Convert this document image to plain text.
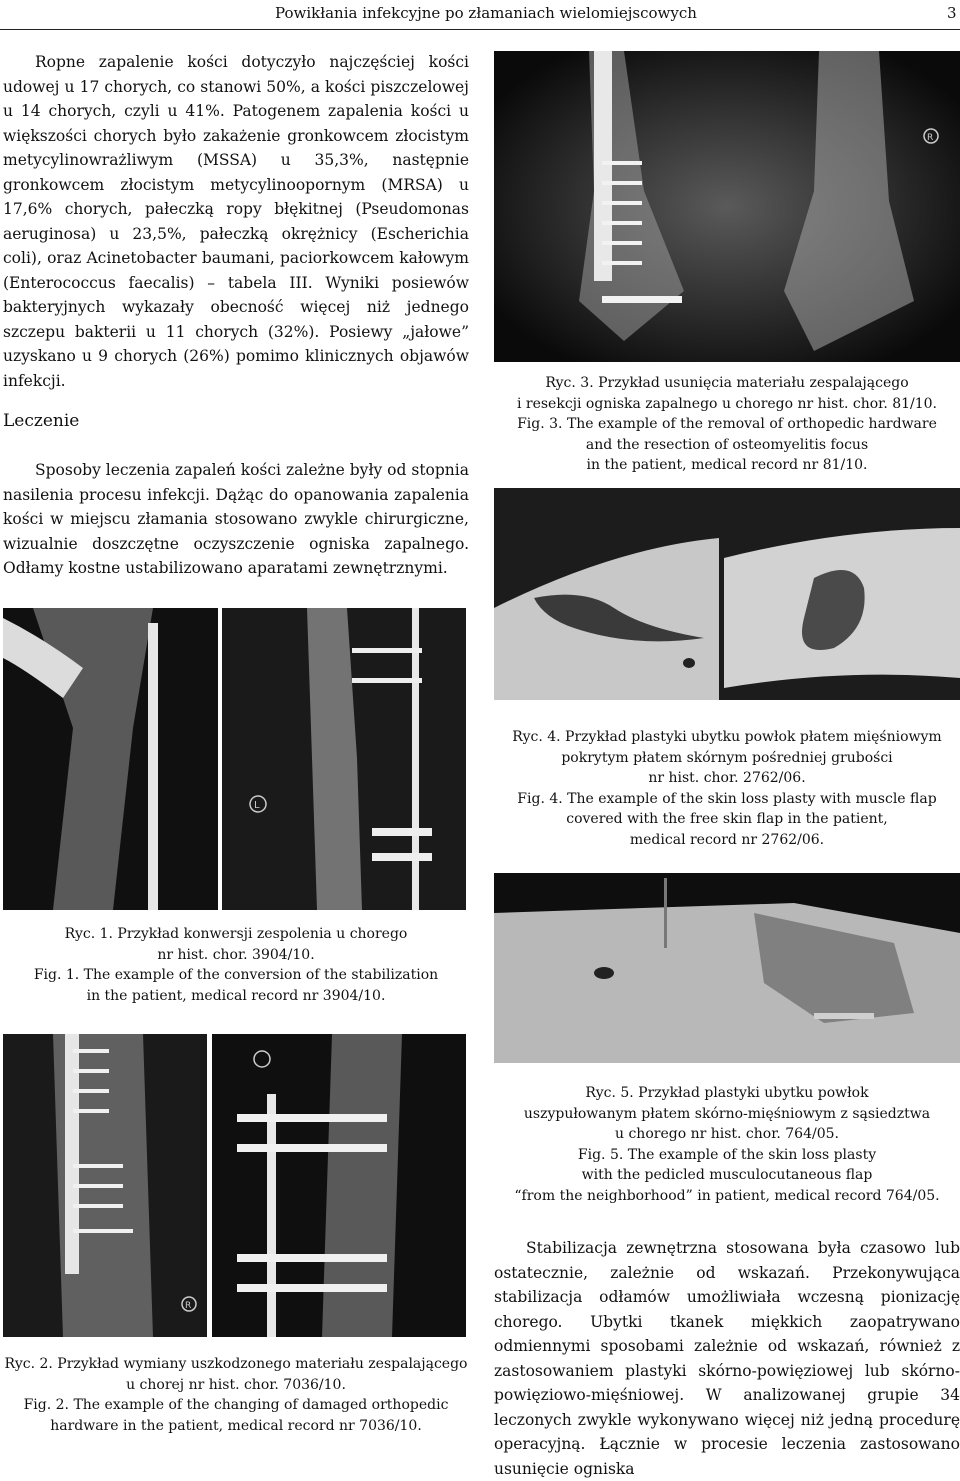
Powikłania infekcyjne po złamaniach wielomiejscowych	3

Ropne zapalenie kości dotyczyło najczęściej kości udowej u 17 chorych, co stanowi 50%, a kości piszczelowej u 14 chorych, czyli u 41%. Patogenem zapalenia kości u większości chorych było zakażenie gronkowcem złocistym metycylinowrażliwym (MSSA) u 35,3%, następnie gronkowcem złocistym metycylinoopornym (MRSA) u 17,6% chorych, pałeczką ropy błękitnej (Pseudomonas aeruginosa) u 23,5%, pałeczką okrężnicy (Escherichia coli), oraz Acinetobacter baumani, paciorkowcem kałowym (Enterococcus faecalis) – tabela III. Wyniki posiewów bakteryjnych wykazały obecność więcej niż jednego szczepu bakterii u 11 chorych (32%). Posiewy „jałowe” uzyskano u 9 chorych (26%) pomimo klinicznych objawów infekcji.

Leczenie

Sposoby leczenia zapaleń kości zależne były od stopnia nasilenia procesu infekcji. Dążąc do opanowania zapalenia kości w miejscu złamania stosowano zwykle chirurgiczne, wizualnie doszczętne oczyszczenie ogniska zapalnego. Odłamy kostne ustabilizowano aparatami zewnętrznymi.

R
Ryc. 3. Przykład usunięcia materiału zespalającego
i resekcji ogniska zapalnego u chorego nr hist. chor. 81/10.
Fig. 3. The example of the removal of orthopedic hardware
and the resection of osteomyelitis focus
in the patient, medical record nr 81/10.
Ryc. 4. Przykład plastyki ubytku powłok płatem mięśniowym
pokrytym płatem skórnym pośredniej grubości
nr hist. chor. 2762/06.
Fig. 4. The example of the skin loss plasty with muscle flap
covered with the free skin flap in the patient,
medical record nr 2762/06.
L
Ryc. 1. Przykład konwersji zespolenia u chorego
nr hist. chor. 3904/10.
Fig. 1. The example of the conversion of the stabilization
in the patient, medical record nr 3904/10.
Ryc. 5. Przykład plastyki ubytku powłok
uszypułowanym płatem skórno-mięśniowym z sąsiedztwa
u chorego nr hist. chor. 764/05.
Fig. 5. The example of the skin loss plasty
with the pedicled musculocutaneous flap
“from the neighborhood” in patient, medical record 764/05.
R
Ryc. 2. Przykład wymiany uszkodzonego materiału zespalającego
u chorej nr hist. chor. 7036/10.
Fig. 2. The example of the changing of damaged orthopedic
hardware in the patient, medical record nr 7036/10.

Stabilizacja zewnętrzna stosowana była czasowo lub ostatecznie, zależnie od wskazań. Przekonywująca stabilizacja odłamów umożliwiała wczesną pionizację chorego. Ubytki tkanek miękkich zaopatrywano odmiennymi sposobami zależnie od wskazań, również z zastosowaniem plastyki skórno-powięziowej lub skórno-powięziowo-mięśniowej. W analizowanej grupie 34 leczonych zwykle wykonywano więcej niż jedną procedurę operacyjną. Łącznie w procesie leczenia zastosowano usunięcie ogniska
